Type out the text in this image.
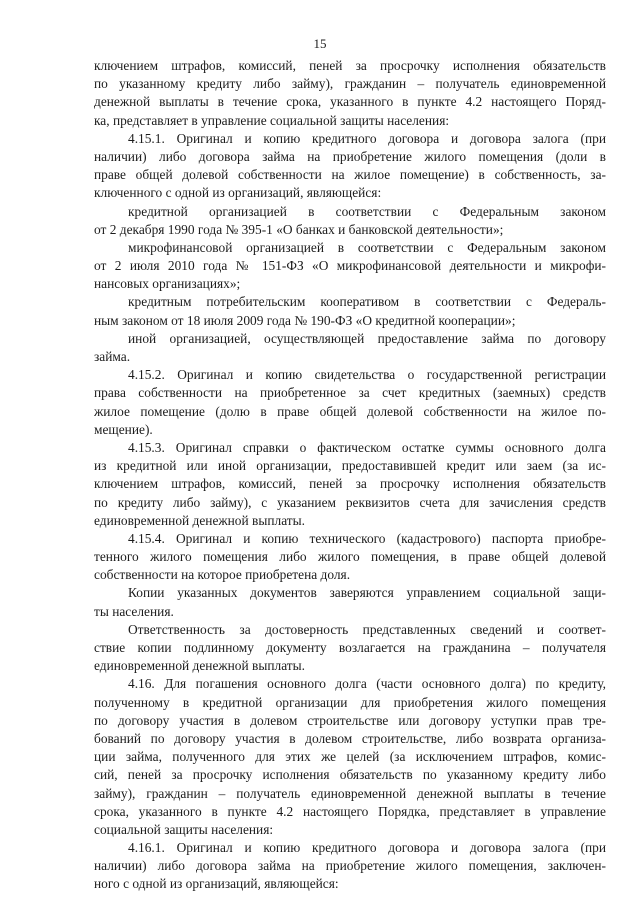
15
ключением штрафов, комиссий, пеней за просрочку исполнения обязательств
по указанному кредиту либо займу), гражданин – получатель единовременной
денежной выплаты в течение срока, указанного в пункте 4.2 настоящего Поряд-
ка, представляет в управление социальной защиты населения:
4.15.1. Оригинал и копию кредитного договора и договора залога (при
наличии) либо договора займа на приобретение жилого помещения (доли в
праве общей долевой собственности на жилое помещение) в собственность, за-
ключенного с одной из организаций, являющейся:
кредитной организацией в соответствии с Федеральным законом
от 2 декабря 1990 года № 395-1 «О банках и банковской деятельности»;
микрофинансовой организацией в соответствии с Федеральным законом
от 2 июля 2010 года № 151-ФЗ «О микрофинансовой деятельности и микрофи-
нансовых организациях»;
кредитным потребительским кооперативом в соответствии с Федераль-
ным законом от 18 июля 2009 года № 190-ФЗ «О кредитной кооперации»;
иной организацией, осуществляющей предоставление займа по договору
займа.
4.15.2. Оригинал и копию свидетельства о государственной регистрации
права собственности на приобретенное за счет кредитных (заемных) средств
жилое помещение (долю в праве общей долевой собственности на жилое по-
мещение).
4.15.3. Оригинал справки о фактическом остатке суммы основного долга
из кредитной или иной организации, предоставившей кредит или заем (за ис-
ключением штрафов, комиссий, пеней за просрочку исполнения обязательств
по кредиту либо займу), с указанием реквизитов счета для зачисления средств
единовременной денежной выплаты.
4.15.4. Оригинал и копию технического (кадастрового) паспорта приобре-
тенного жилого помещения либо жилого помещения, в праве общей долевой
собственности на которое приобретена доля.
Копии указанных документов заверяются управлением социальной защи-
ты населения.
Ответственность за достоверность представленных сведений и соответ-
ствие копии подлинному документу возлагается на гражданина – получателя
единовременной денежной выплаты.
4.16. Для погашения основного долга (части основного долга) по кредиту,
полученному в кредитной организации для приобретения жилого помещения
по договору участия в долевом строительстве или договору уступки прав тре-
бований по договору участия в долевом строительстве, либо возврата организа-
ции займа, полученного для этих же целей (за исключением штрафов, комис-
сий, пеней за просрочку исполнения обязательств по указанному кредиту либо
займу), гражданин – получатель единовременной денежной выплаты в течение
срока, указанного в пункте 4.2 настоящего Порядка, представляет в управление
социальной защиты населения:
4.16.1. Оригинал и копию кредитного договора и договора залога (при
наличии) либо договора займа на приобретение жилого помещения, заключен-
ного с одной из организаций, являющейся:
